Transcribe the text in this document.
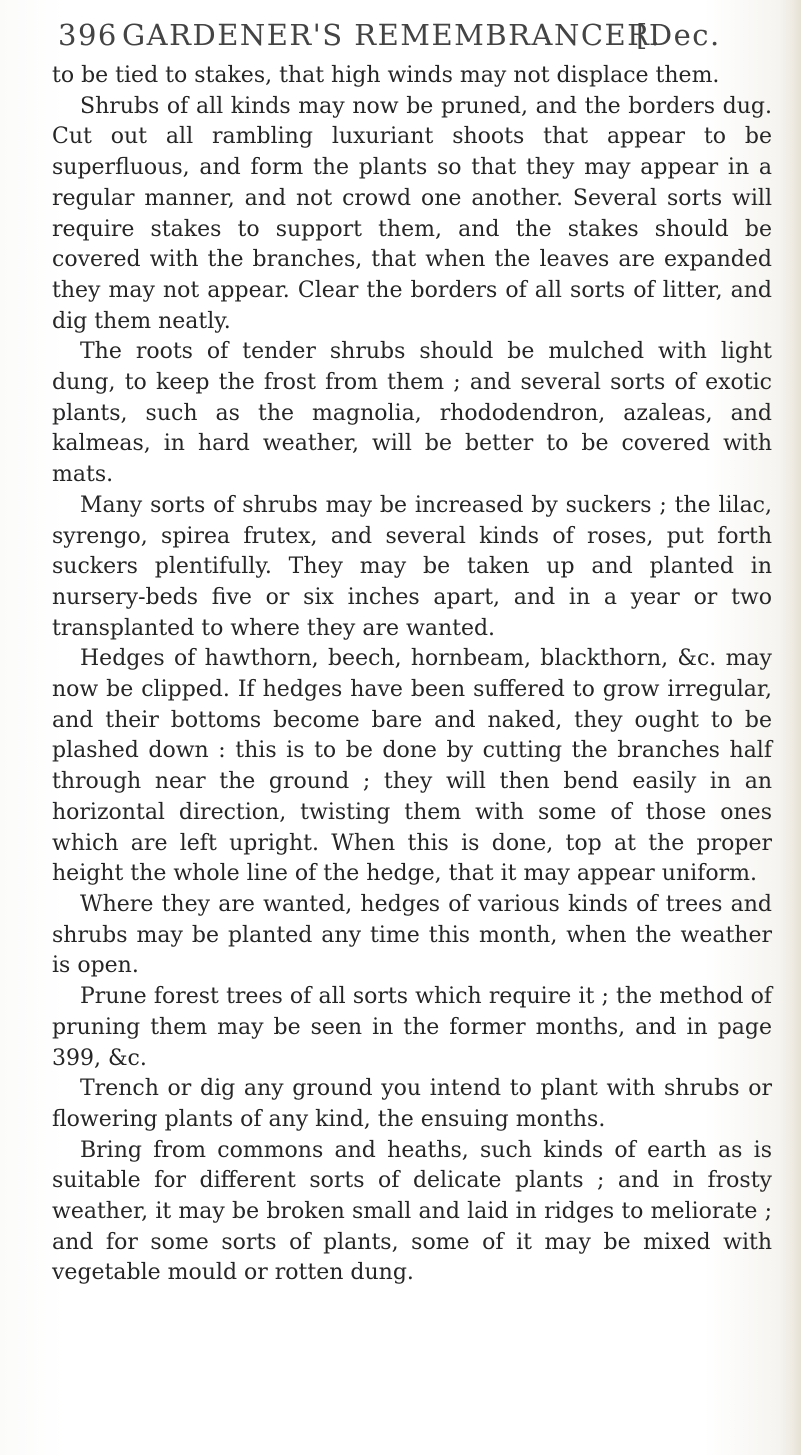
396 GARDENER'S REMEMBRANCER.
[Dec.

to be tied to stakes, that high winds may not displace them.

Shrubs of all kinds may now be pruned, and the borders dug. Cut out all rambling luxuriant shoots that appear to be superfluous, and form the plants so that they may appear in a regular manner, and not crowd one another. Several sorts will require stakes to support them, and the stakes should be covered with the branches, that when the leaves are expanded they may not appear. Clear the borders of all sorts of litter, and dig them neatly.

The roots of tender shrubs should be mulched with light dung, to keep the frost from them ; and several sorts of exotic plants, such as the magnolia, rhododendron, azaleas, and kalmeas, in hard weather, will be better to be covered with mats.

Many sorts of shrubs may be increased by suckers ; the lilac, syrengo, spirea frutex, and several kinds of roses, put forth suckers plentifully. They may be taken up and planted in nursery-beds five or six inches apart, and in a year or two transplanted to where they are wanted.

Hedges of hawthorn, beech, hornbeam, blackthorn, &c. may now be clipped. If hedges have been suffered to grow irregular, and their bottoms become bare and naked, they ought to be plashed down : this is to be done by cutting the branches half through near the ground ; they will then bend easily in an horizontal direction, twisting them with some of those ones which are left upright. When this is done, top at the proper height the whole line of the hedge, that it may appear uniform.

Where they are wanted, hedges of various kinds of trees and shrubs may be planted any time this month, when the weather is open.

Prune forest trees of all sorts which require it ; the method of pruning them may be seen in the former months, and in page 399, &c.

Trench or dig any ground you intend to plant with shrubs or flowering plants of any kind, the ensuing months.

Bring from commons and heaths, such kinds of earth as is suitable for different sorts of delicate plants ; and in frosty weather, it may be broken small and laid in ridges to meliorate ; and for some sorts of plants, some of it may be mixed with vegetable mould or rotten dung.
